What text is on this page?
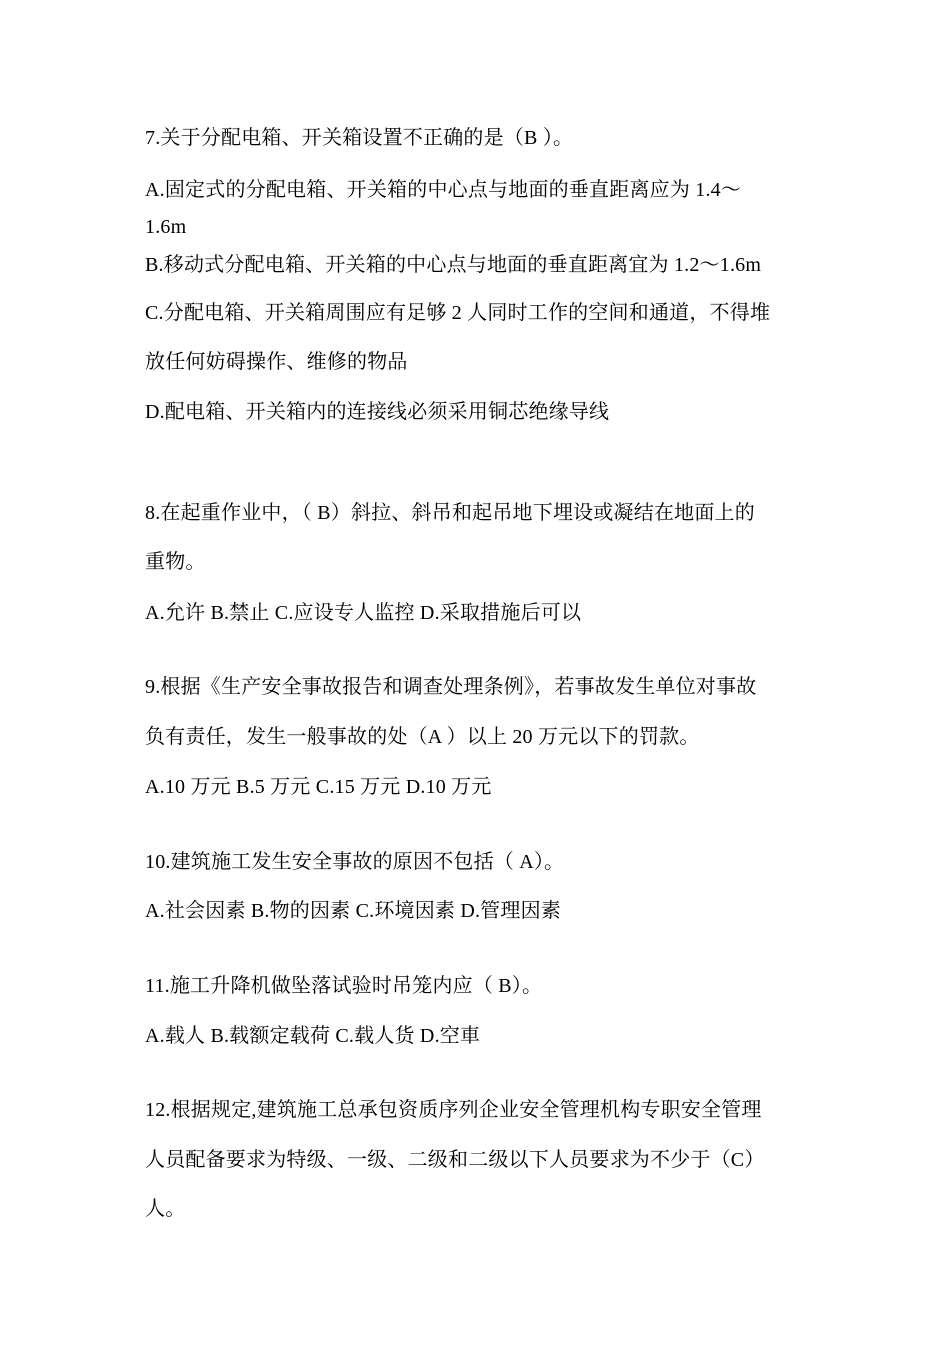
7.关于分配电箱、开关箱设置不正确的是（B ）。
A.固定式的分配电箱、开关箱的中心点与地面的垂直距离应为 1.4～
1.6m
B.移动式分配电箱、开关箱的中心点与地面的垂直距离宜为 1.2～1.6m
C.分配电箱、开关箱周围应有足够 2 人同时工作的空间和通道，不得堆
放任何妨碍操作、维修的物品
D.配电箱、开关箱内的连接线必须采用铜芯绝缘导线
8.在起重作业中，（ B）斜拉、斜吊和起吊地下埋设或凝结在地面上的
重物。
A.允许 B.禁止 C.应设专人监控 D.采取措施后可以
9.根据《生产安全事故报告和调查处理条例》，若事故发生单位对事故
负有责任，发生一般事故的处（A ）以上 20 万元以下的罚款。
A.10 万元 B.5 万元 C.15 万元 D.10 万元
10.建筑施工发生安全事故的原因不包括（ A）。
A.社会因素 B.物的因素 C.环境因素 D.管理因素
11.施工升降机做坠落试验时吊笼内应（ B）。
A.载人 B.载额定载荷 C.载人货 D.空車
12.根据规定,建筑施工总承包资质序列企业安全管理机构专职安全管理
人员配备要求为特级、一级、二级和二级以下人员要求为不少于（C）
人。
